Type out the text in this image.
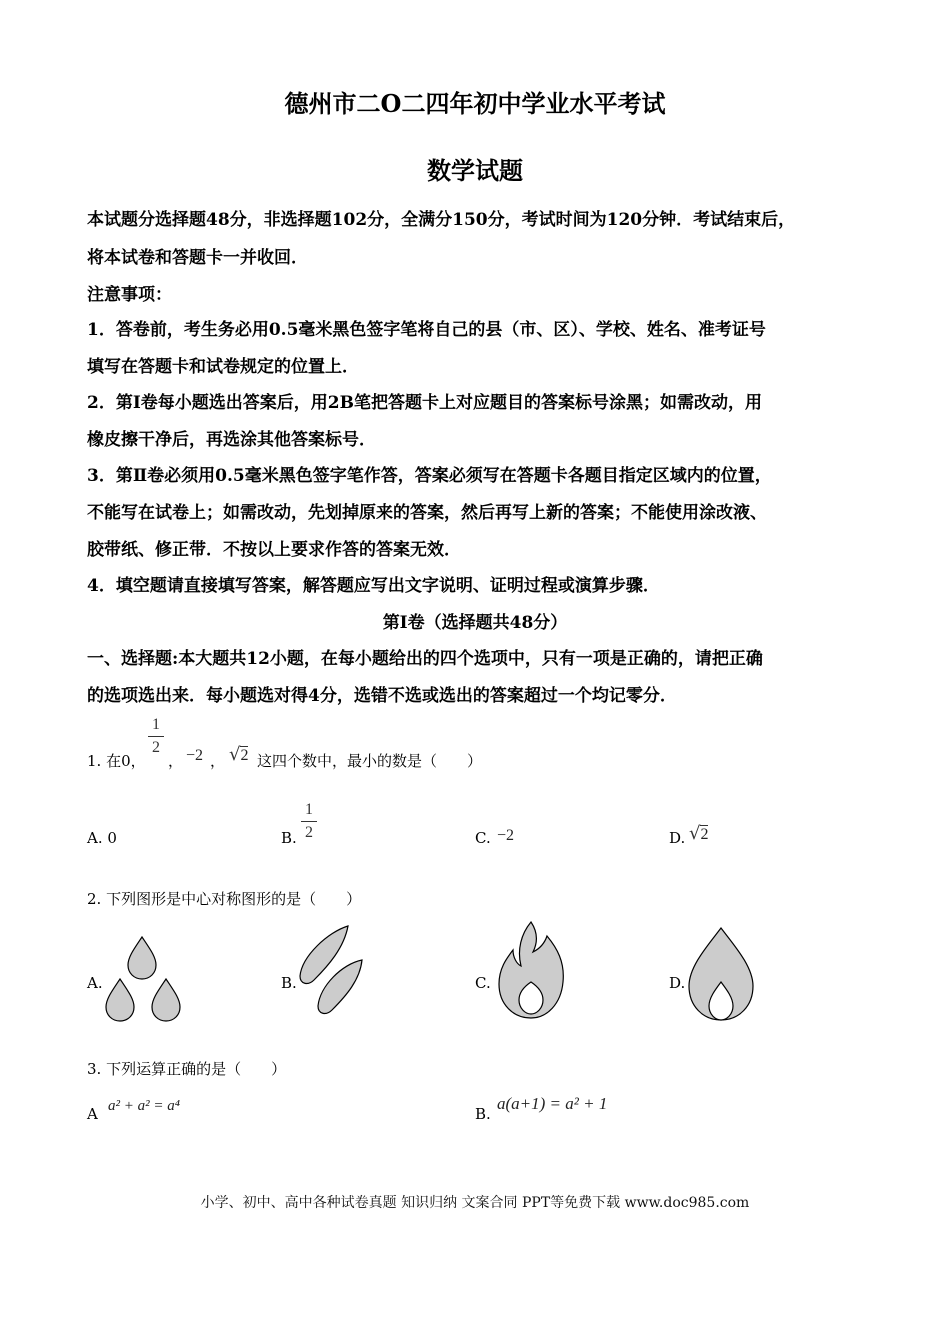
德州市二O二四年初中学业水平考试
数学试题
本试题分选择题48分，非选择题102分，全满分150分，考试时间为120分钟．考试结束后，
将本试卷和答题卡一并收回．
注意事项：
1．答卷前，考生务必用0.5毫米黑色签字笔将自己的县（市、区）、学校、姓名、准考证号
填写在答题卡和试卷规定的位置上．
2．第Ⅰ卷每小题选出答案后，用2B笔把答题卡上对应题目的答案标号涂黑；如需改动，用
橡皮擦干净后，再选涂其他答案标号．
3．第Ⅱ卷必须用0.5毫米黑色签字笔作答，答案必须写在答题卡各题目指定区域内的位置，
不能写在试卷上；如需改动，先划掉原来的答案，然后再写上新的答案；不能使用涂改液、
胶带纸、修正带．不按以上要求作答的答案无效．
4．填空题请直接填写答案，解答题应写出文字说明、证明过程或演算步骤．
第Ⅰ卷（选择题共48分）
一、选择题:本大题共12小题，在每小题给出的四个选项中，只有一项是正确的，请把正确
的选项选出来．每小题选对得4分，选错不选或选出的答案超过一个均记零分．
1. 在0，
1
2
， −2 ， √2 这四个数中，最小的数是（　　）
A. 0	B.
1
2	C. −2	D. √2
2. 下列图形是中心对称图形的是（　　）
A.	B.	C.	D.
3. 下列运算正确的是（　　）
A a² + a² = a⁴	B.
a(a+1) = a² + 1
小学、初中、高中各种试卷真题 知识归纳 文案合同 PPT等免费下载 www.doc985.com
